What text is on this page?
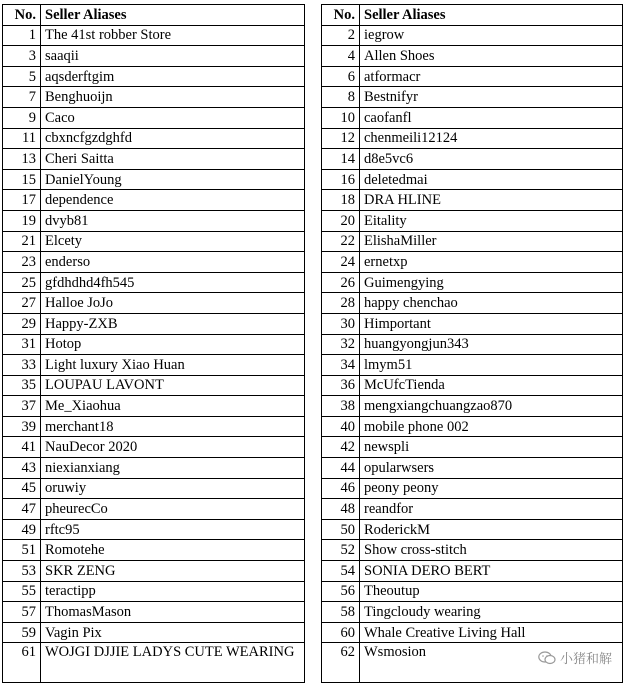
No.	Seller Aliases
1	The 41st robber Store
3	saaqii
5	aqsderftgim
7	Benghuoijn
9	Caco
11	cbxncfgzdghfd
13	Cheri Saitta
15	DanielYoung
17	dependence
19	dvyb81
21	Elcety
23	enderso
25	gfdhdhd4fh545
27	Halloe JoJo
29	Happy-ZXB
31	Hotop
33	Light luxury Xiao Huan
35	LOUPAU LAVONT
37	Me_Xiaohua
39	merchant18
41	NauDecor 2020
43	niexianxiang
45	oruwiy
47	pheurecCo
49	rftc95
51	Romotehe
53	SKR ZENG
55	teractipp
57	ThomasMason
59	Vagin Pix
61	WOJGI DJJIE LADYS CUTE WEARING
No.	Seller Aliases
2	iegrow
4	Allen Shoes
6	atformacr
8	Bestnifyr
10	caofanfl
12	chenmeili12124
14	d8e5vc6
16	deletedmai
18	DRA HLINE
20	Eitality
22	ElishaMiller
24	ernetxp
26	Guimengying
28	happy chenchao
30	Himportant
32	huangyongjun343
34	lmym51
36	McUfcTienda
38	mengxiangchuangzao870
40	mobile phone 002
42	newspli
44	opularwsers
46	peony peony
48	reandfor
50	RoderickM
52	Show cross-stitch
54	SONIA DERO BERT
56	Theoutup
58	Tingcloudy wearing
60	Whale Creative Living Hall
62	Wsmosion	小猪和解
